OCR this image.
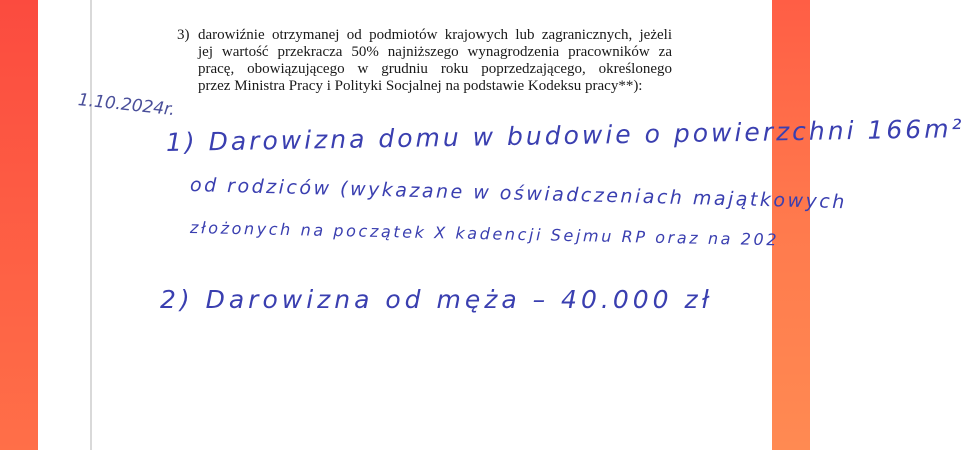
3) darowiźnie otrzymanej od podmiotów krajowych lub zagranicznych, jeżeli
jej wartość przekracza 50% najniższego wynagrodzenia pracowników za
pracę, obowiązującego w grudniu roku poprzedzającego, określonego
przez Ministra Pracy i Polityki Socjalnej na podstawie Kodeksu pracy**):
1.10.2024r.
1) Darowizna domu w budowie o powierzchni 166m²
od rodziców (wykazane w oświadczeniach majątkowych
złożonych na początek X kadencji Sejmu RP oraz na 202
2) Darowizna od męża – 40.000 zł
